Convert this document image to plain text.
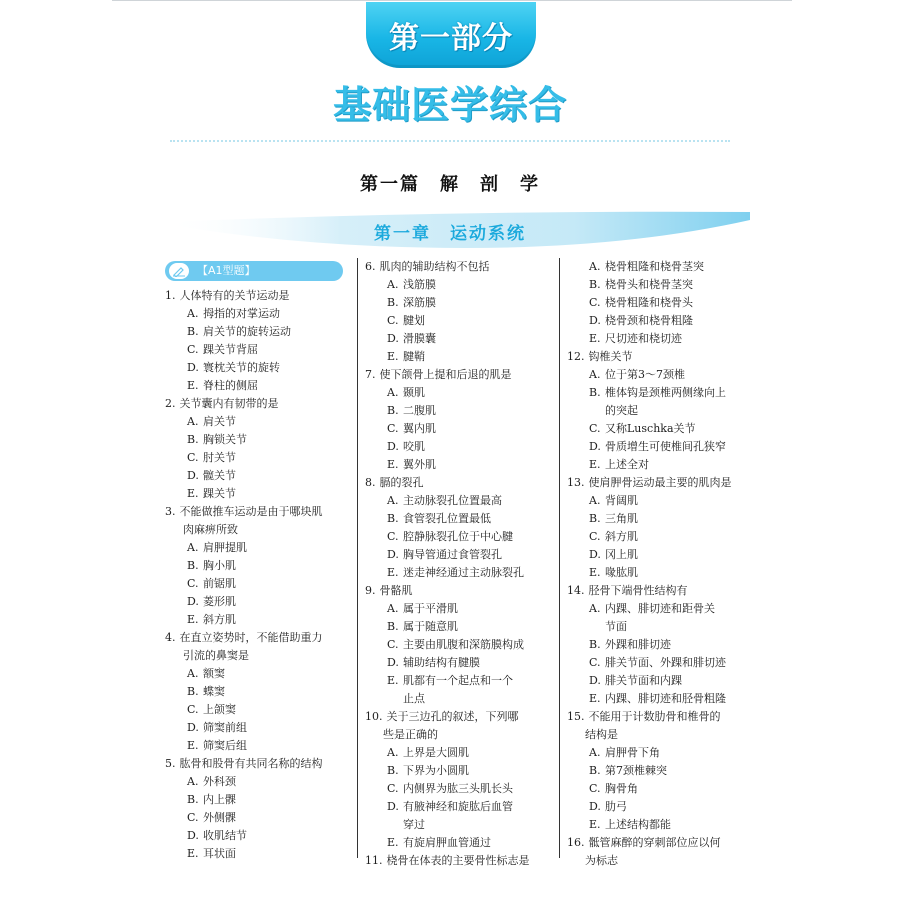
第一部分
基础医学综合
第一篇　解　剖　学
第一章　运动系统
【A1型题】
1. 人体特有的关节运动是
A. 拇指的对掌运动
B. 肩关节的旋转运动
C. 踝关节背屈
D. 寰枕关节的旋转
E. 脊柱的侧屈
2. 关节囊内有韧带的是
A. 肩关节
B. 胸锁关节
C. 肘关节
D. 髋关节
E. 踝关节
3. 不能做推车运动是由于哪块肌
肉麻痹所致
A. 肩胛提肌
B. 胸小肌
C. 前锯肌
D. 菱形肌
E. 斜方肌
4. 在直立姿势时，不能借助重力
引流的鼻窦是
A. 额窦
B. 蝶窦
C. 上颌窦
D. 筛窦前组
E. 筛窦后组
5. 肱骨和股骨有共同名称的结构
A. 外科颈
B. 内上髁
C. 外侧髁
D. 收肌结节
E. 耳状面
6. 肌肉的辅助结构不包括
A. 浅筋膜
B. 深筋膜
C. 腱划
D. 滑膜囊
E. 腱鞘
7. 使下颌骨上提和后退的肌是
A. 颞肌
B. 二腹肌
C. 翼内肌
D. 咬肌
E. 翼外肌
8. 膈的裂孔
A. 主动脉裂孔位置最高
B. 食管裂孔位置最低
C. 腔静脉裂孔位于中心腱
D. 胸导管通过食管裂孔
E. 迷走神经通过主动脉裂孔
9. 骨骼肌
A. 属于平滑肌
B. 属于随意肌
C. 主要由肌腹和深筋膜构成
D. 辅助结构有腱膜
E. 肌都有一个起点和一个
止点
10. 关于三边孔的叙述，下列哪
些是正确的
A. 上界是大圆肌
B. 下界为小圆肌
C. 内侧界为肱三头肌长头
D. 有腋神经和旋肱后血管
穿过
E. 有旋肩胛血管通过
11. 桡骨在体表的主要骨性标志是
A. 桡骨粗隆和桡骨茎突
B. 桡骨头和桡骨茎突
C. 桡骨粗隆和桡骨头
D. 桡骨颈和桡骨粗隆
E. 尺切迹和桡切迹
12. 钩椎关节
A. 位于第3～7颈椎
B. 椎体钩是颈椎两侧缘向上
的突起
C. 又称Luschka关节
D. 骨质增生可使椎间孔狭窄
E. 上述全对
13. 使肩胛骨运动最主要的肌肉是
A. 背阔肌
B. 三角肌
C. 斜方肌
D. 冈上肌
E. 喙肱肌
14. 胫骨下端骨性结构有
A. 内踝、腓切迹和距骨关
节面
B. 外踝和腓切迹
C. 腓关节面、外踝和腓切迹
D. 腓关节面和内踝
E. 内踝、腓切迹和胫骨粗隆
15. 不能用于计数肋骨和椎骨的
结构是
A. 肩胛骨下角
B. 第7颈椎棘突
C. 胸骨角
D. 肋弓
E. 上述结构都能
16. 骶管麻醉的穿刺部位应以何
为标志
